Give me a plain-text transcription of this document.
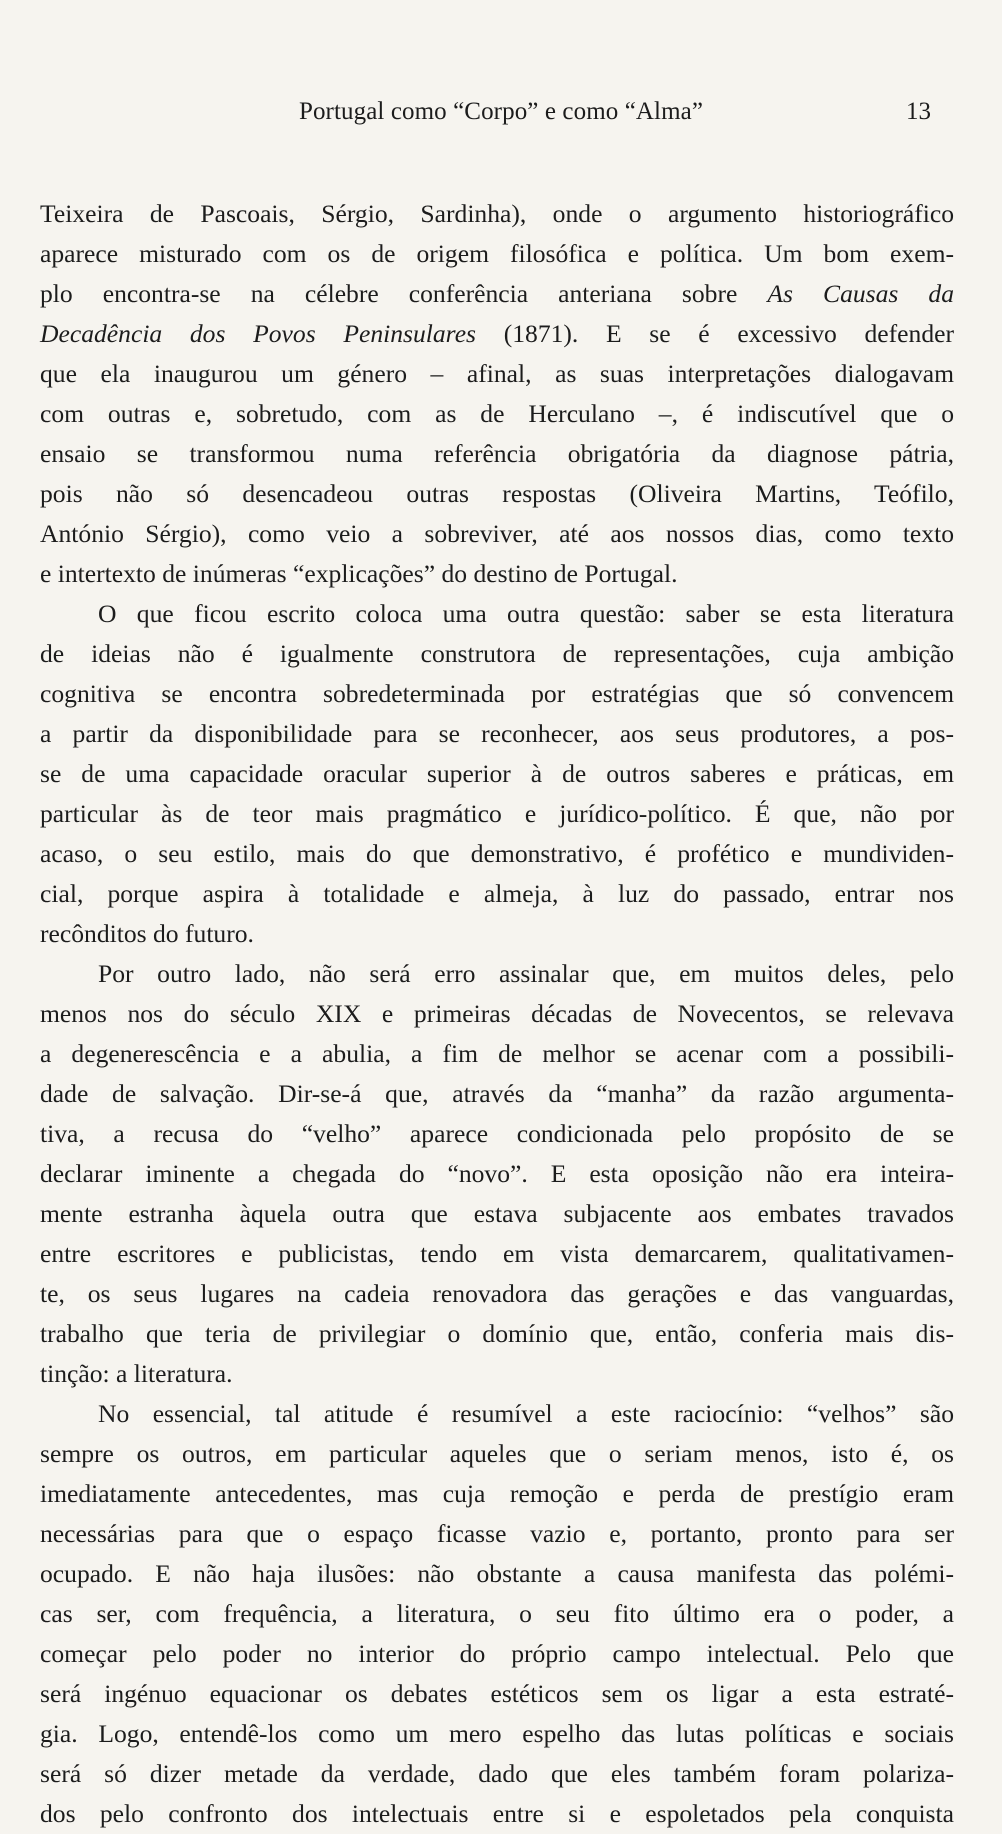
Portugal como “Corpo” e como “Alma”	13

Teixeira de Pascoais, Sérgio, Sardinha), onde o argumento historiográfico
aparece misturado com os de origem filosófica e política. Um bom exem-
plo encontra-se na célebre conferência anteriana sobre As Causas da
Decadência dos Povos Peninsulares (1871). E se é excessivo defender
que ela inaugurou um género – afinal, as suas interpretações dialogavam
com outras e, sobretudo, com as de Herculano –, é indiscutível que o
ensaio se transformou numa referência obrigatória da diagnose pátria,
pois não só desencadeou outras respostas (Oliveira Martins, Teófilo,
António Sérgio), como veio a sobreviver, até aos nossos dias, como texto
e intertexto de inúmeras “explicações” do destino de Portugal.

O que ficou escrito coloca uma outra questão: saber se esta literatura
de ideias não é igualmente construtora de representações, cuja ambição
cognitiva se encontra sobredeterminada por estratégias que só convencem
a partir da disponibilidade para se reconhecer, aos seus produtores, a pos-
se de uma capacidade oracular superior à de outros saberes e práticas, em
particular às de teor mais pragmático e jurídico-político. É que, não por
acaso, o seu estilo, mais do que demonstrativo, é profético e mundividen-
cial, porque aspira à totalidade e almeja, à luz do passado, entrar nos
recônditos do futuro.

Por outro lado, não será erro assinalar que, em muitos deles, pelo
menos nos do século XIX e primeiras décadas de Novecentos, se relevava
a degenerescência e a abulia, a fim de melhor se acenar com a possibili-
dade de salvação. Dir-se-á que, através da “manha” da razão argumenta-
tiva, a recusa do “velho” aparece condicionada pelo propósito de se
declarar iminente a chegada do “novo”. E esta oposição não era inteira-
mente estranha àquela outra que estava subjacente aos embates travados
entre escritores e publicistas, tendo em vista demarcarem, qualitativamen-
te, os seus lugares na cadeia renovadora das gerações e das vanguardas,
trabalho que teria de privilegiar o domínio que, então, conferia mais dis-
tinção: a literatura.

No essencial, tal atitude é resumível a este raciocínio: “velhos” são
sempre os outros, em particular aqueles que o seriam menos, isto é, os
imediatamente antecedentes, mas cuja remoção e perda de prestígio eram
necessárias para que o espaço ficasse vazio e, portanto, pronto para ser
ocupado. E não haja ilusões: não obstante a causa manifesta das polémi-
cas ser, com frequência, a literatura, o seu fito último era o poder, a
começar pelo poder no interior do próprio campo intelectual. Pelo que
será ingénuo equacionar os debates estéticos sem os ligar a esta estraté-
gia. Logo, entendê-los como um mero espelho das lutas políticas e sociais
será só dizer metade da verdade, dado que eles também foram polariza-
dos pelo confronto dos intelectuais entre si e espoletados pela conquista
